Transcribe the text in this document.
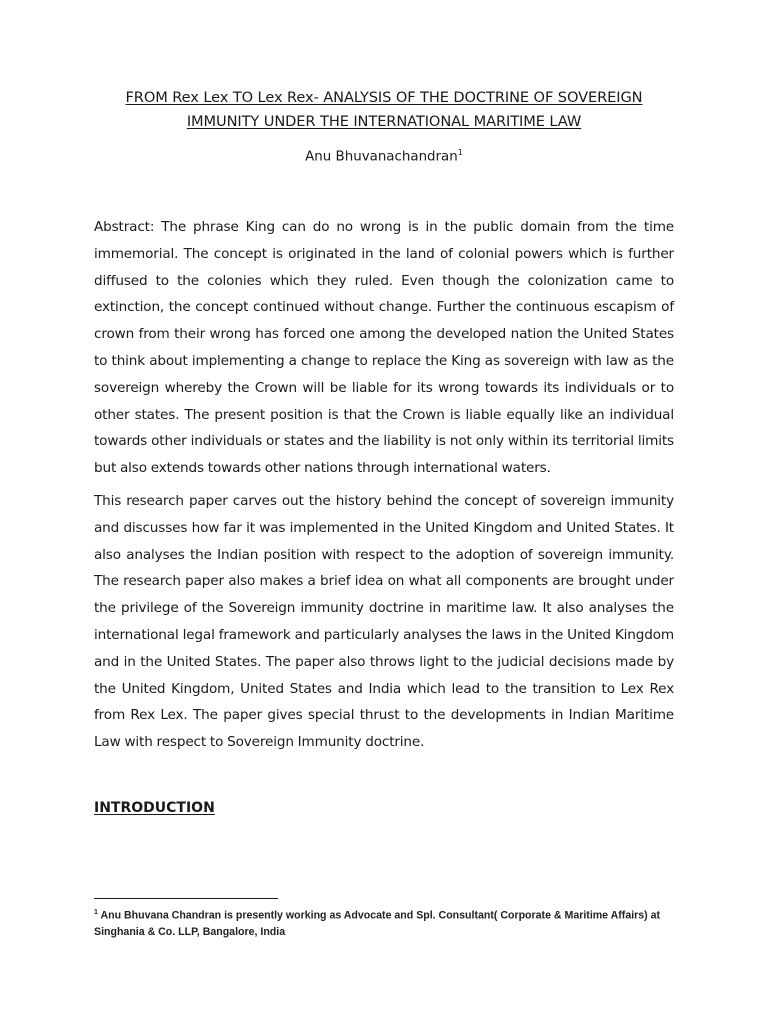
FROM Rex Lex TO Lex Rex- ANALYSIS OF THE DOCTRINE OF SOVEREIGN IMMUNITY UNDER THE INTERNATIONAL MARITIME LAW
Anu Bhuvanachandran$^1$
Abstract: The phrase King can do no wrong is in the public domain from the time immemorial. The concept is originated in the land of colonial powers which is further diffused to the colonies which they ruled. Even though the colonization came to extinction, the concept continued without change. Further the continuous escapism of crown from their wrong has forced one among the developed nation the United States to think about implementing a change to replace the King as sovereign with law as the sovereign whereby the Crown will be liable for its wrong towards its individuals or to other states. The present position is that the Crown is liable equally like an individual towards other individuals or states and the liability is not only within its territorial limits but also extends towards other nations through international waters.
This research paper carves out the history behind the concept of sovereign immunity and discusses how far it was implemented in the United Kingdom and United States. It also analyses the Indian position with respect to the adoption of sovereign immunity. The research paper also makes a brief idea on what all components are brought under the privilege of the Sovereign immunity doctrine in maritime law. It also analyses the international legal framework and particularly analyses the laws in the United Kingdom and in the United States. The paper also throws light to the judicial decisions made by the United Kingdom, United States and India which lead to the transition to Lex Rex from Rex Lex. The paper gives special thrust to the developments in Indian Maritime Law with respect to Sovereign Immunity doctrine.
INTRODUCTION
$^1$ Anu Bhuvana Chandran is presently working as Advocate and Spl. Consultant( Corporate & Maritime Affairs) at Singhania & Co. LLP, Bangalore, India
